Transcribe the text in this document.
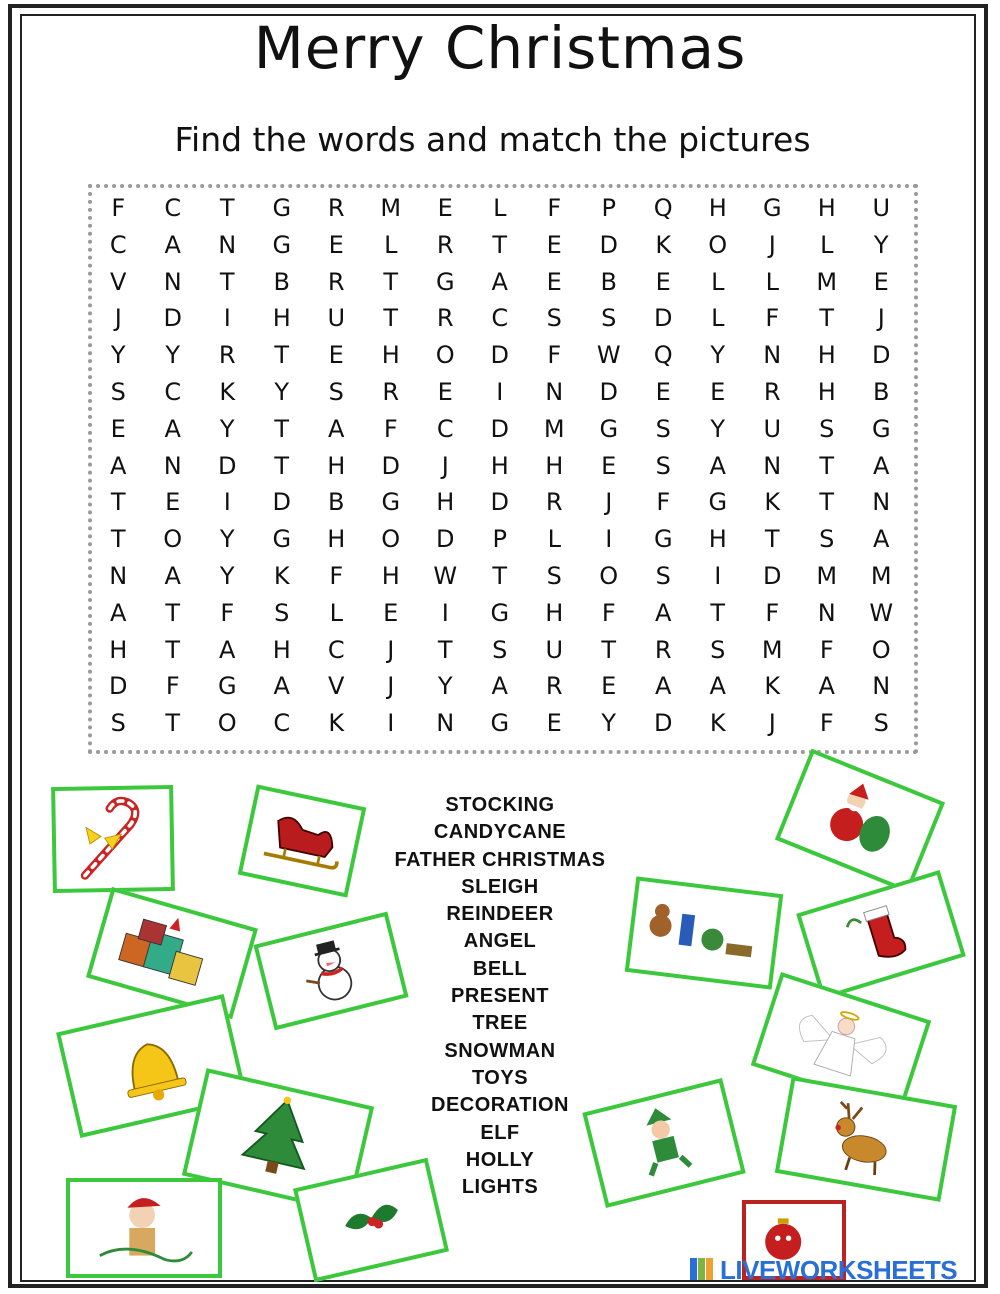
Merry Christmas
Find the words and match the pictures
F	C	T	G	R	M	E	L	F	P	Q	H	G	H	U
C	A	N	G	E	L	R	T	E	D	K	O	J	L	Y
V	N	T	B	R	T	G	A	E	B	E	L	L	M	E
J	D	I	H	U	T	R	C	S	S	D	L	F	T	J
Y	Y	R	T	E	H	O	D	F	W	Q	Y	N	H	D
S	C	K	Y	S	R	E	I	N	D	E	E	R	H	B
E	A	Y	T	A	F	C	D	M	G	S	Y	U	S	G
A	N	D	T	H	D	J	H	H	E	S	A	N	T	A
T	E	I	D	B	G	H	D	R	J	F	G	K	T	N
T	O	Y	G	H	O	D	P	L	I	G	H	T	S	A
N	A	Y	K	F	H	W	T	S	O	S	I	D	M	M
A	T	F	S	L	E	I	G	H	F	A	T	F	N	W
H	T	A	H	C	J	T	S	U	T	R	S	M	F	O
D	F	G	A	V	J	Y	A	R	E	A	A	K	A	N
S	T	O	C	K	I	N	G	E	Y	D	K	J	F	S
STOCKING
CANDYCANE
FATHER CHRISTMAS
SLEIGH
REINDEER
ANGEL
BELL
PRESENT
TREE
SNOWMAN
TOYS
DECORATION
ELF
HOLLY
LIGHTS
LIVEWORKSHEETS
